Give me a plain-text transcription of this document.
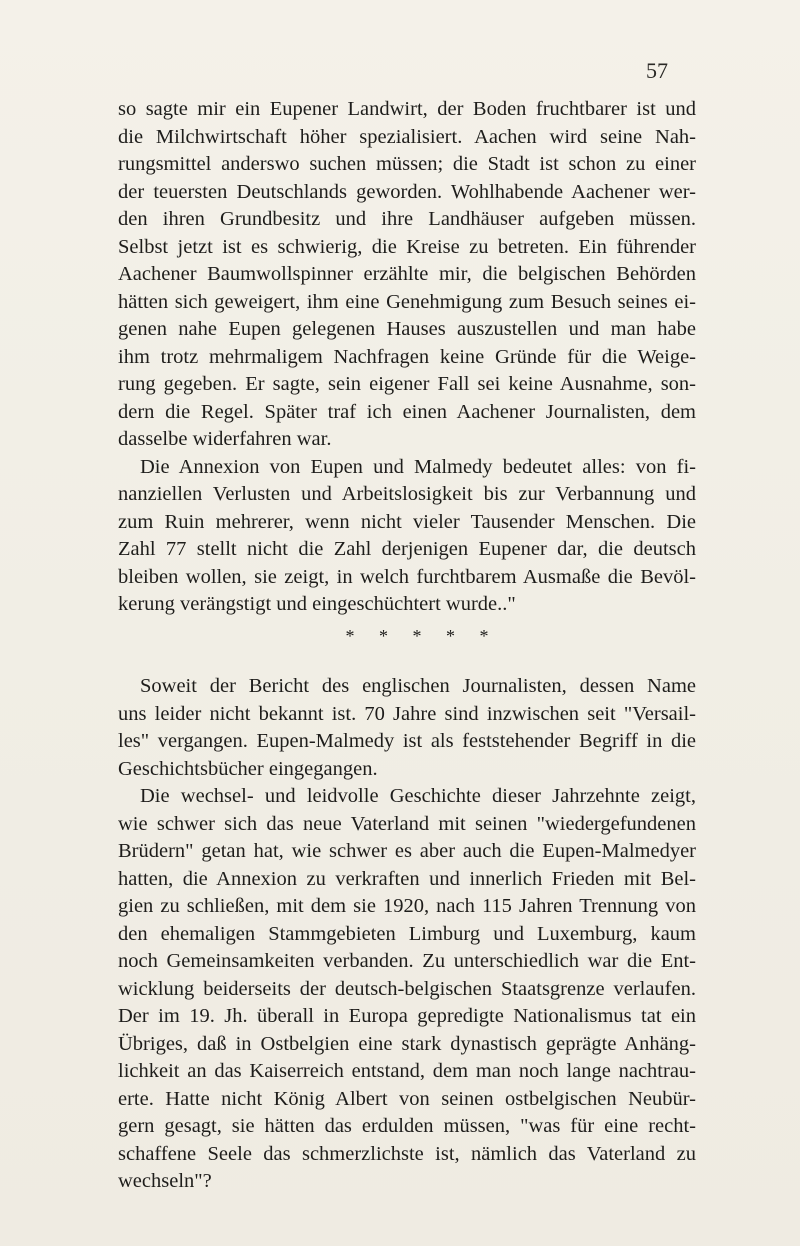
57
so sagte mir ein Eupener Landwirt, der Boden fruchtbarer ist und
die Milchwirtschaft höher spezialisiert. Aachen wird seine Nah-
rungsmittel anderswo suchen müssen; die Stadt ist schon zu einer
der teuersten Deutschlands geworden. Wohlhabende Aachener wer-
den ihren Grundbesitz und ihre Landhäuser aufgeben müssen.
Selbst jetzt ist es schwierig, die Kreise zu betreten. Ein führender
Aachener Baumwollspinner erzählte mir, die belgischen Behörden
hätten sich geweigert, ihm eine Genehmigung zum Besuch seines ei-
genen nahe Eupen gelegenen Hauses auszustellen und man habe
ihm trotz mehrmaligem Nachfragen keine Gründe für die Weige-
rung gegeben. Er sagte, sein eigener Fall sei keine Ausnahme, son-
dern die Regel. Später traf ich einen Aachener Journalisten, dem
dasselbe widerfahren war.
Die Annexion von Eupen und Malmedy bedeutet alles: von fi-
nanziellen Verlusten und Arbeitslosigkeit bis zur Verbannung und
zum Ruin mehrerer, wenn nicht vieler Tausender Menschen. Die
Zahl 77 stellt nicht die Zahl derjenigen Eupener dar, die deutsch
bleiben wollen, sie zeigt, in welch furchtbarem Ausmaße die Bevöl-
kerung verängstigt und eingeschüchtert wurde.."
* * * * *
Soweit der Bericht des englischen Journalisten, dessen Name
uns leider nicht bekannt ist. 70 Jahre sind inzwischen seit "Versail-
les" vergangen. Eupen-Malmedy ist als feststehender Begriff in die
Geschichtsbücher eingegangen.
Die wechsel- und leidvolle Geschichte dieser Jahrzehnte zeigt,
wie schwer sich das neue Vaterland mit seinen "wiedergefundenen
Brüdern" getan hat, wie schwer es aber auch die Eupen-Malmedyer
hatten, die Annexion zu verkraften und innerlich Frieden mit Bel-
gien zu schließen, mit dem sie 1920, nach 115 Jahren Trennung von
den ehemaligen Stammgebieten Limburg und Luxemburg, kaum
noch Gemeinsamkeiten verbanden. Zu unterschiedlich war die Ent-
wicklung beiderseits der deutsch-belgischen Staatsgrenze verlaufen.
Der im 19. Jh. überall in Europa gepredigte Nationalismus tat ein
Übriges, daß in Ostbelgien eine stark dynastisch geprägte Anhäng-
lichkeit an das Kaiserreich entstand, dem man noch lange nachtrau-
erte. Hatte nicht König Albert von seinen ostbelgischen Neubür-
gern gesagt, sie hätten das erdulden müssen, "was für eine recht-
schaffene Seele das schmerzlichste ist, nämlich das Vaterland zu
wechseln"?
